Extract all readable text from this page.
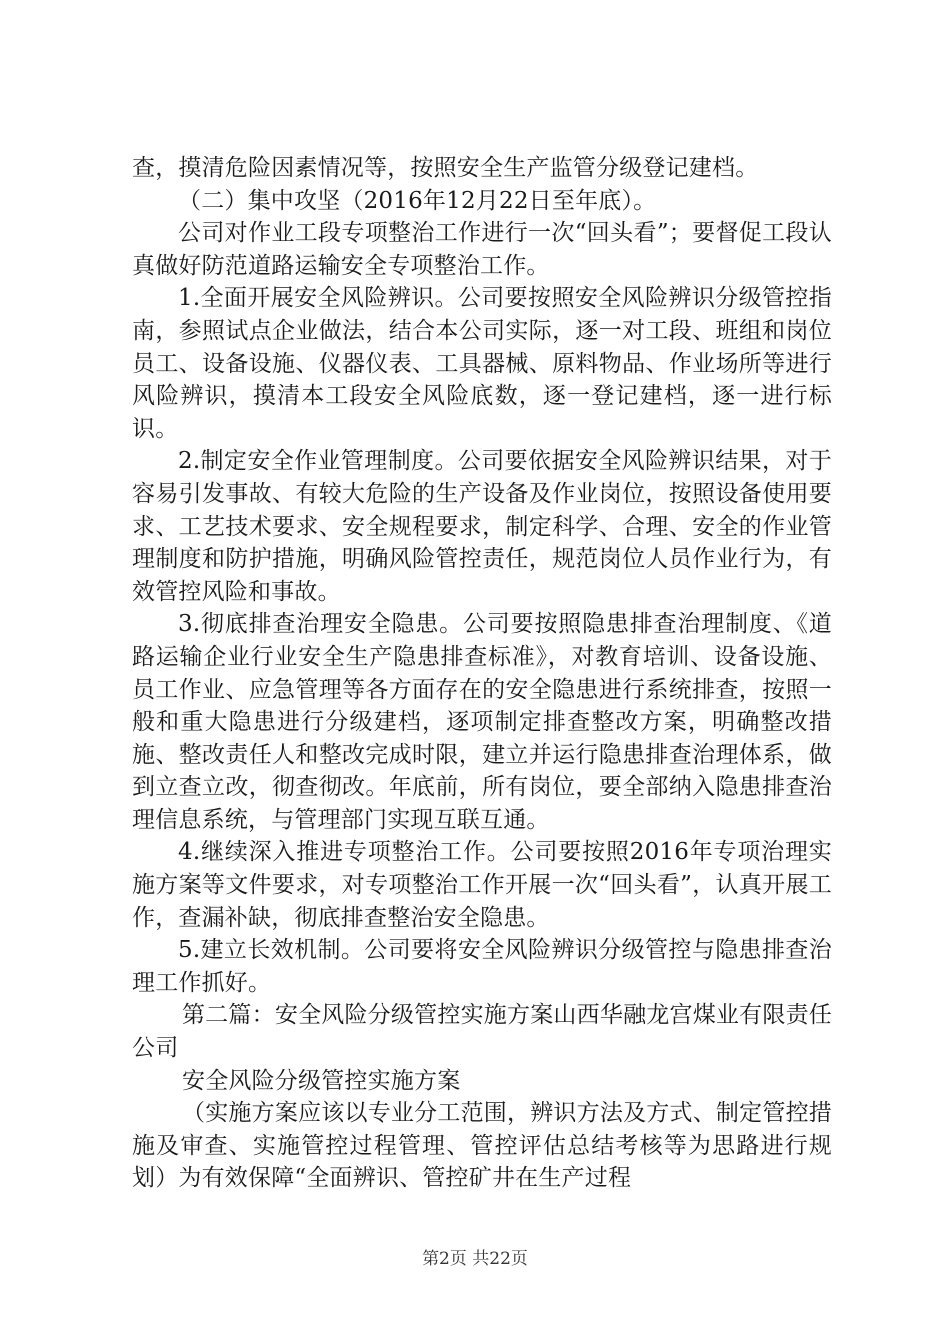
查，摸清危险因素情况等，按照安全生产监管分级登记建档。

（二）集中攻坚（2016年12月22日至年底）。

公司对作业工段专项整治工作进行一次“回头看”；要督促工段认真做好防范道路运输安全专项整治工作。

1.全面开展安全风险辨识。公司要按照安全风险辨识分级管控指南，参照试点企业做法，结合本公司实际，逐一对工段、班组和岗位员工、设备设施、仪器仪表、工具器械、原料物品、作业场所等进行风险辨识，摸清本工段安全风险底数，逐一登记建档，逐一进行标识。

2.制定安全作业管理制度。公司要依据安全风险辨识结果，对于容易引发事故、有较大危险的生产设备及作业岗位，按照设备使用要求、工艺技术要求、安全规程要求，制定科学、合理、安全的作业管理制度和防护措施，明确风险管控责任，规范岗位人员作业行为，有效管控风险和事故。

3.彻底排查治理安全隐患。公司要按照隐患排查治理制度、《道路运输企业行业安全生产隐患排查标准》，对教育培训、设备设施、员工作业、应急管理等各方面存在的安全隐患进行系统排查，按照一般和重大隐患进行分级建档，逐项制定排查整改方案，明确整改措施、整改责任人和整改完成时限，建立并运行隐患排查治理体系，做到立查立改，彻查彻改。年底前，所有岗位，要全部纳入隐患排查治理信息系统，与管理部门实现互联互通。

4.继续深入推进专项整治工作。公司要按照2016年专项治理实施方案等文件要求，对专项整治工作开展一次“回头看”，认真开展工作，查漏补缺，彻底排查整治安全隐患。

5.建立长效机制。公司要将安全风险辨识分级管控与隐患排查治理工作抓好。

第二篇：安全风险分级管控实施方案山西华融龙宫煤业有限责任公司

安全风险分级管控实施方案

（实施方案应该以专业分工范围，辨识方法及方式、制定管控措施及审查、实施管控过程管理、管控评估总结考核等为思路进行规划）为有效保障“全面辨识、管控矿井在生产过程

第2页 共22页
